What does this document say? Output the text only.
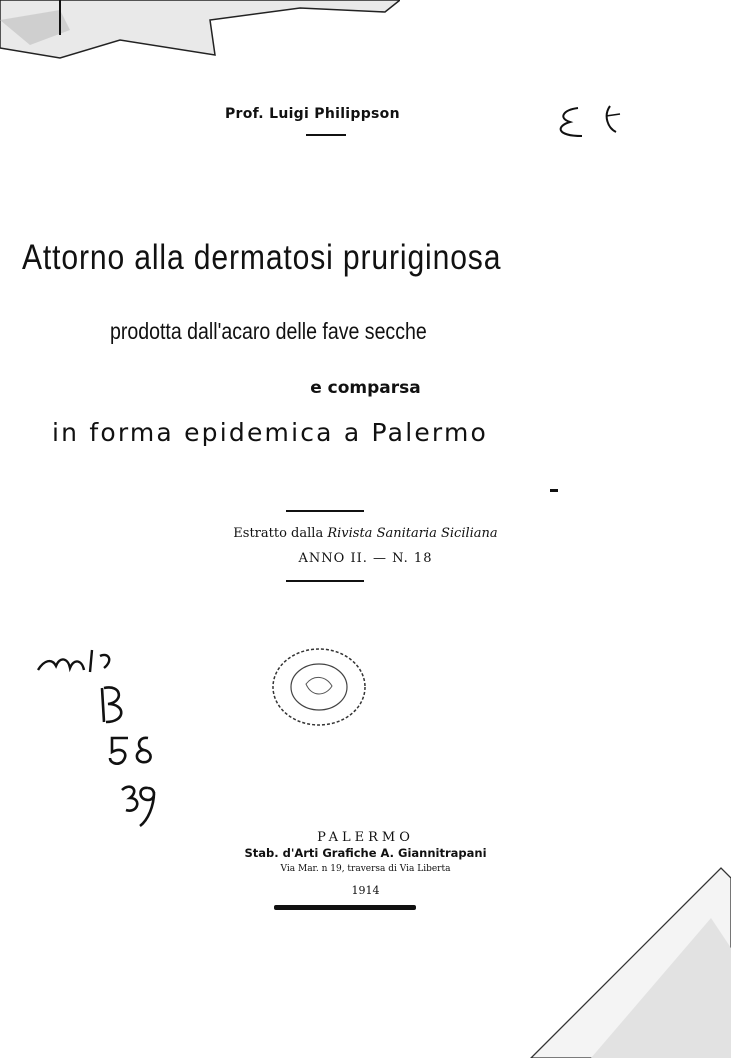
Prof. Luigi Philippson
Attorno alla dermatosi pruriginosa
prodotta dall'acaro delle fave secche
e comparsa
in forma epidemica a Palermo
Estratto dalla Rivista Sanitaria Siciliana
ANNO II. — N. 18
PALERMO
Stab. d'Arti Grafiche A. Giannitrapani
Via Mar. n 19, traversa di Via Liberta
1914
